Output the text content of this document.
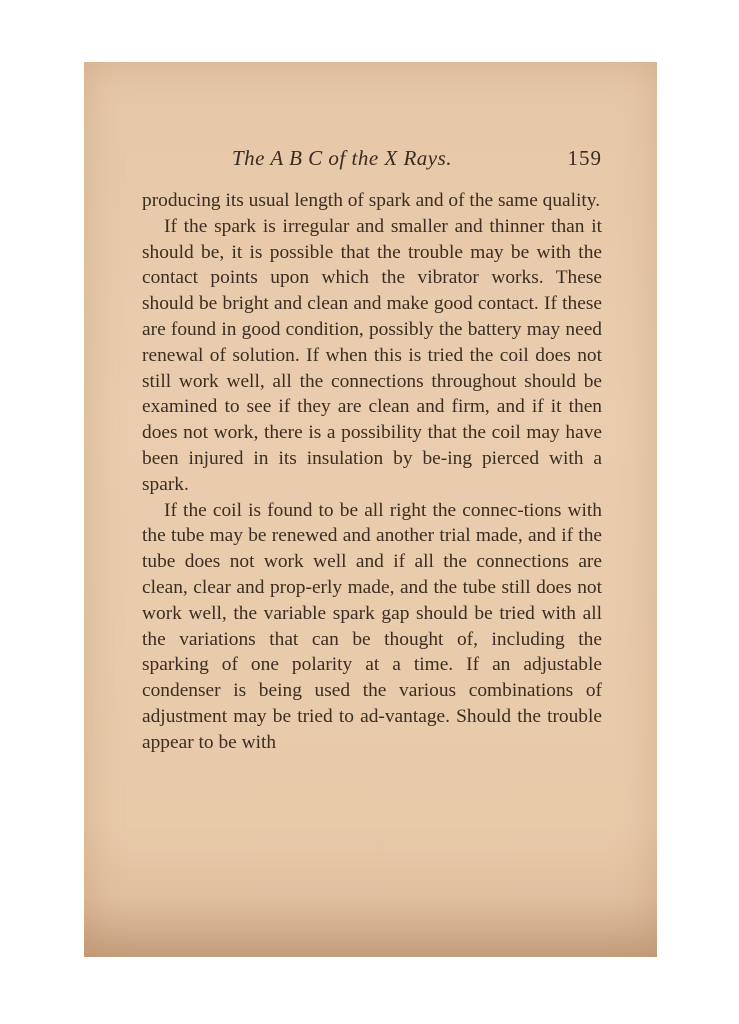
The A B C of the X Rays.	159

producing its usual length of spark and of the same quality.

If the spark is irregular and smaller and thinner than it should be, it is possible that the trouble may be with the contact points upon which the vibrator works. These should be bright and clean and make good contact. If these are found in good condition, possibly the battery may need renewal of solution. If when this is tried the coil does not still work well, all the connections throughout should be examined to see if they are clean and firm, and if it then does not work, there is a possibility that the coil may have been injured in its insulation by be-ing pierced with a spark.

If the coil is found to be all right the connec-tions with the tube may be renewed and another trial made, and if the tube does not work well and if all the connections are clean, clear and prop-erly made, and the tube still does not work well, the variable spark gap should be tried with all the variations that can be thought of, including the sparking of one polarity at a time. If an adjustable condenser is being used the various combinations of adjustment may be tried to ad-vantage. Should the trouble appear to be with
